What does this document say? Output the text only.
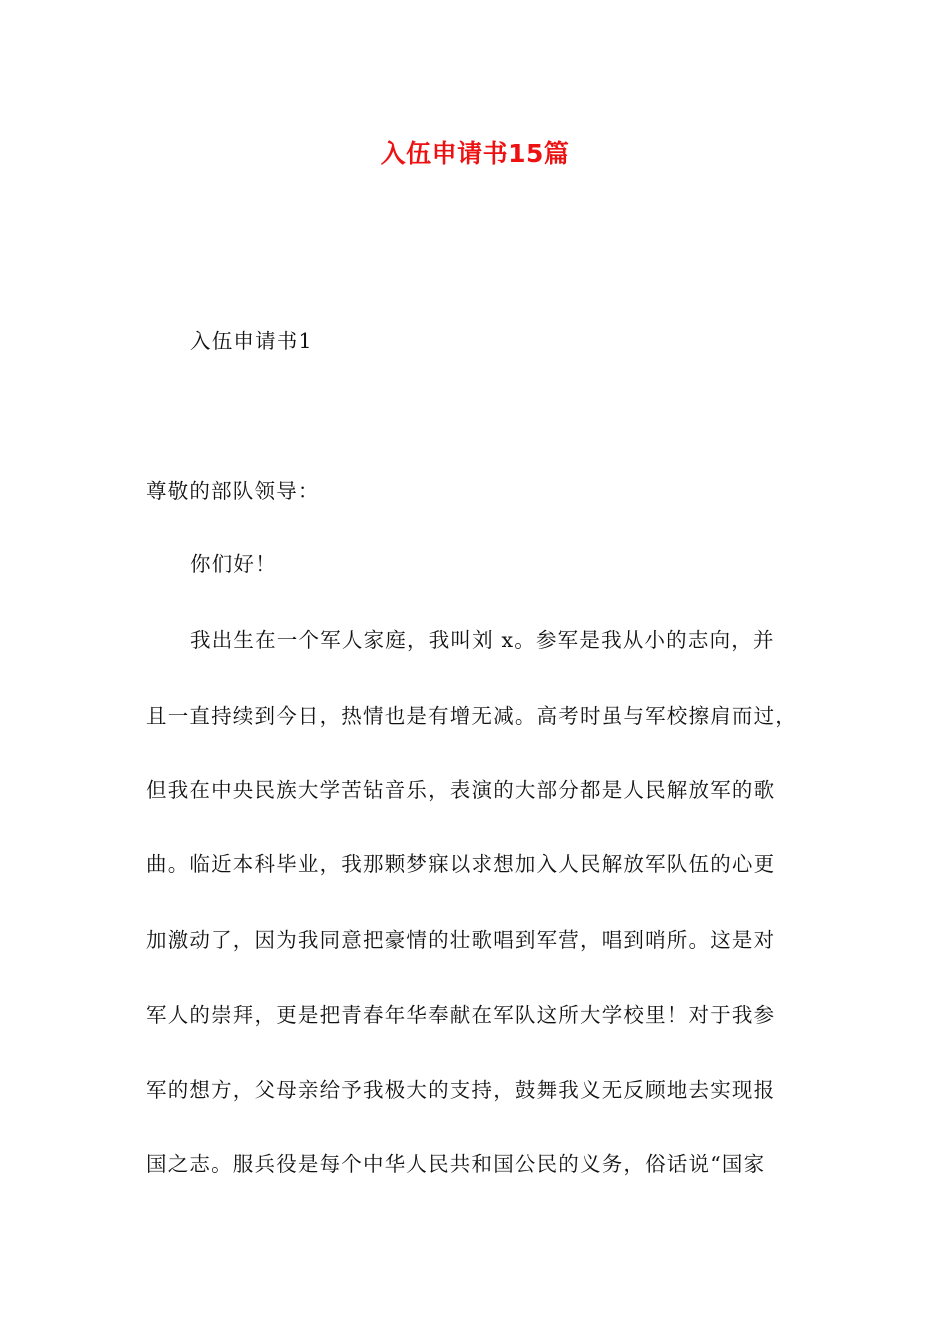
入伍申请书15篇
入伍申请书1
尊敬的部队领导：
你们好！
我出生在一个军人家庭，我叫刘 x。参军是我从小的志向，并
且一直持续到今日，热情也是有增无减。高考时虽与军校擦肩而过，
但我在中央民族大学苦钻音乐，表演的大部分都是人民解放军的歌
曲。临近本科毕业，我那颗梦寐以求想加入人民解放军队伍的心更
加激动了，因为我同意把豪情的壮歌唱到军营，唱到哨所。这是对
军人的崇拜，更是把青春年华奉献在军队这所大学校里！对于我参
军的想方，父母亲给予我极大的支持，鼓舞我义无反顾地去实现报
国之志。服兵役是每个中华人民共和国公民的义务，俗话说“国家
